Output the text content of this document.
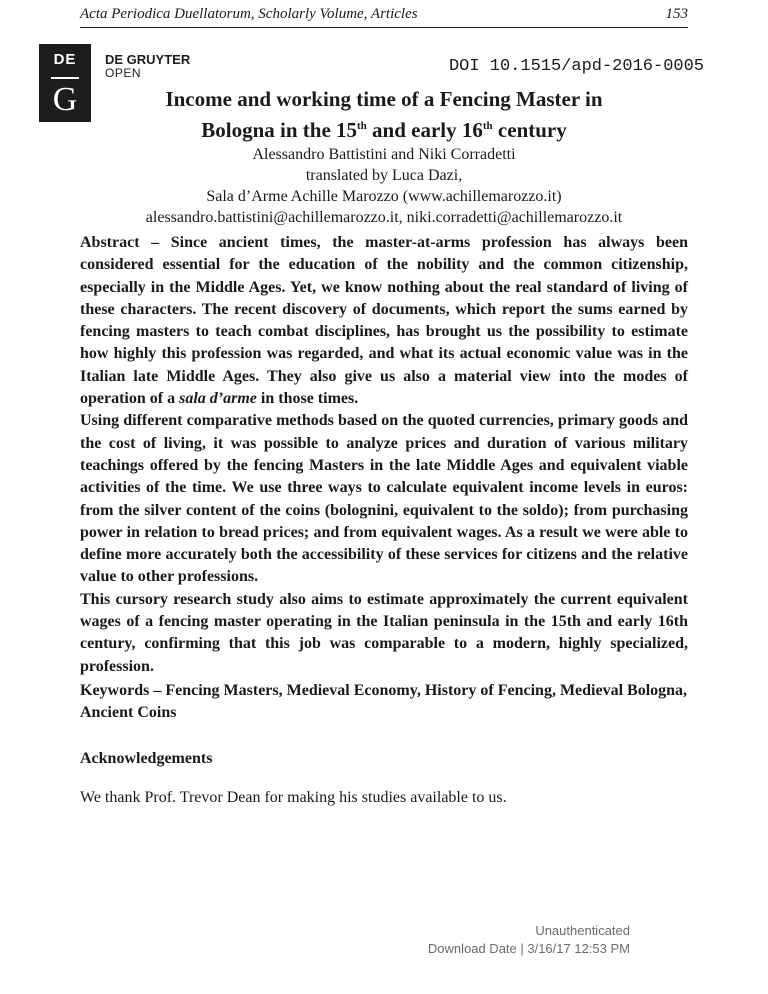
Acta Periodica Duellatorum, Scholarly Volume, Articles	153
DE
G
DE GRUYTER
OPEN	DOI 10.1515/apd-2016-0005
Income and working time of a Fencing Master in
Bologna in the 15th and early 16th century
Alessandro Battistini and Niki Corradetti
translated by Luca Dazi,
Sala d’Arme Achille Marozzo (www.achillemarozzo.it)
alessandro.battistini@achillemarozzo.it, niki.corradetti@achillemarozzo.it

Abstract – Since ancient times, the master-at-arms profession has always been considered essential for the education of the nobility and the common citizenship, especially in the Middle Ages. Yet, we know nothing about the real standard of living of these characters. The recent discovery of documents, which report the sums earned by fencing masters to teach combat disciplines, has brought us the possibility to estimate how highly this profession was regarded, and what its actual economic value was in the Italian late Middle Ages. They also give us also a material view into the modes of operation of a sala d’arme in those times.

Using different comparative methods based on the quoted currencies, primary goods and the cost of living, it was possible to analyze prices and duration of various military teachings offered by the fencing Masters in the late Middle Ages and equivalent viable activities of the time. We use three ways to calculate equivalent income levels in euros: from the silver content of the coins (bolognini, equivalent to the soldo); from purchasing power in relation to bread prices; and from equivalent wages. As a result we were able to define more accurately both the accessibility of these services for citizens and the relative value to other professions.

This cursory research study also aims to estimate approximately the current equivalent wages of a fencing master operating in the Italian peninsula in the 15th and early 16th century, confirming that this job was comparable to a modern, highly specialized, profession.

Keywords – Fencing Masters, Medieval Economy, History of Fencing, Medieval Bologna, Ancient Coins
Acknowledgements
We thank Prof. Trevor Dean for making his studies available to us.
Unauthenticated
Download Date | 3/16/17 12:53 PM
